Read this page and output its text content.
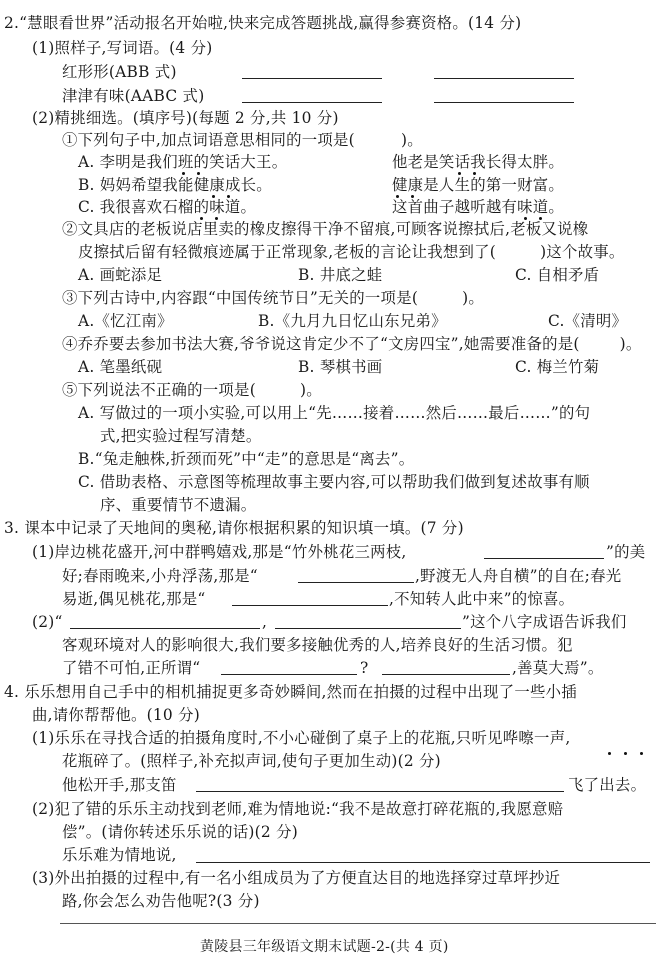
2.“慧眼看世界”活动报名开始啦,快来完成答题挑战,赢得参赛资格。(14 分)
(1)照样子,写词语。(4 分)
红形形(ABB 式)
津津有味(AABC 式)
(2)精挑细选。(填序号)(每题 2 分,共 10 分)
①下列句子中,加点词语意思相同的一项是(	)。
A. 李明是我们班的笑话大王。	他老是笑话我长得太胖。
B. 妈妈希望我能健康成长。	健康是人生的第一财富。
C. 我很喜欢石榴的味道。	这首曲子越听越有味道。
②文具店的老板说店里卖的橡皮擦得干净不留痕,可顾客说擦拭后,老板又说橡
皮擦拭后留有轻微痕迹属于正常现象,老板的言论让我想到了(	)这个故事。
A. 画蛇添足	B. 井底之蛙	C. 自相矛盾
③下列古诗中,内容跟“中国传统节日”无关的一项是(	)。
A.《忆江南》	B.《九月九日忆山东兄弟》	C.《清明》
④乔乔要去参加书法大赛,爷爷说这肯定少不了“文房四宝”,她需要准备的是(	)。
A. 笔墨纸砚	B. 琴棋书画	C. 梅兰竹菊
⑤下列说法不正确的一项是(	)。
A. 写做过的一项小实验,可以用上“先……接着……然后……最后……”的句
式,把实验过程写清楚。
B.“兔走触株,折颈而死”中“走”的意思是“离去”。
C. 借助表格、示意图等梳理故事主要内容,可以帮助我们做到复述故事有顺
序、重要情节不遗漏。
3. 课本中记录了天地间的奥秘,请你根据积累的知识填一填。(7 分)
(1)岸边桃花盛开,河中群鸭嬉戏,那是“竹外桃花三两枝,	”的美
好;春雨晚来,小舟浮荡,那是“	,野渡无人舟自横”的自在;春光
易逝,偶见桃花,那是“	,不知转人此中来”的惊喜。
(2)“	,	”这个八字成语告诉我们
客观环境对人的影响很大,我们要多接触优秀的人,培养良好的生活习惯。犯
了错不可怕,正所谓“	?	,善莫大焉”。
4. 乐乐想用自己手中的相机捕捉更多奇妙瞬间,然而在拍摄的过程中出现了一些小插
曲,请你帮帮他。(10 分)
(1)乐乐在寻找合适的拍摄角度时,不小心碰倒了桌子上的花瓶,只听见哗嚓一声,
花瓶碎了。(照样子,补充拟声词,使句子更加生动)(2 分)
他松开手,那支笛	飞了出去。
(2)犯了错的乐乐主动找到老师,难为情地说:“我不是故意打碎花瓶的,我愿意赔
偿”。(请你转述乐乐说的话)(2 分)
乐乐难为情地说,
(3)外出拍摄的过程中,有一名小组成员为了方便直达目的地选择穿过草坪抄近
路,你会怎么劝告他呢?(3 分)
黄陵县三年级语文期末试题-2-(共 4 页)
